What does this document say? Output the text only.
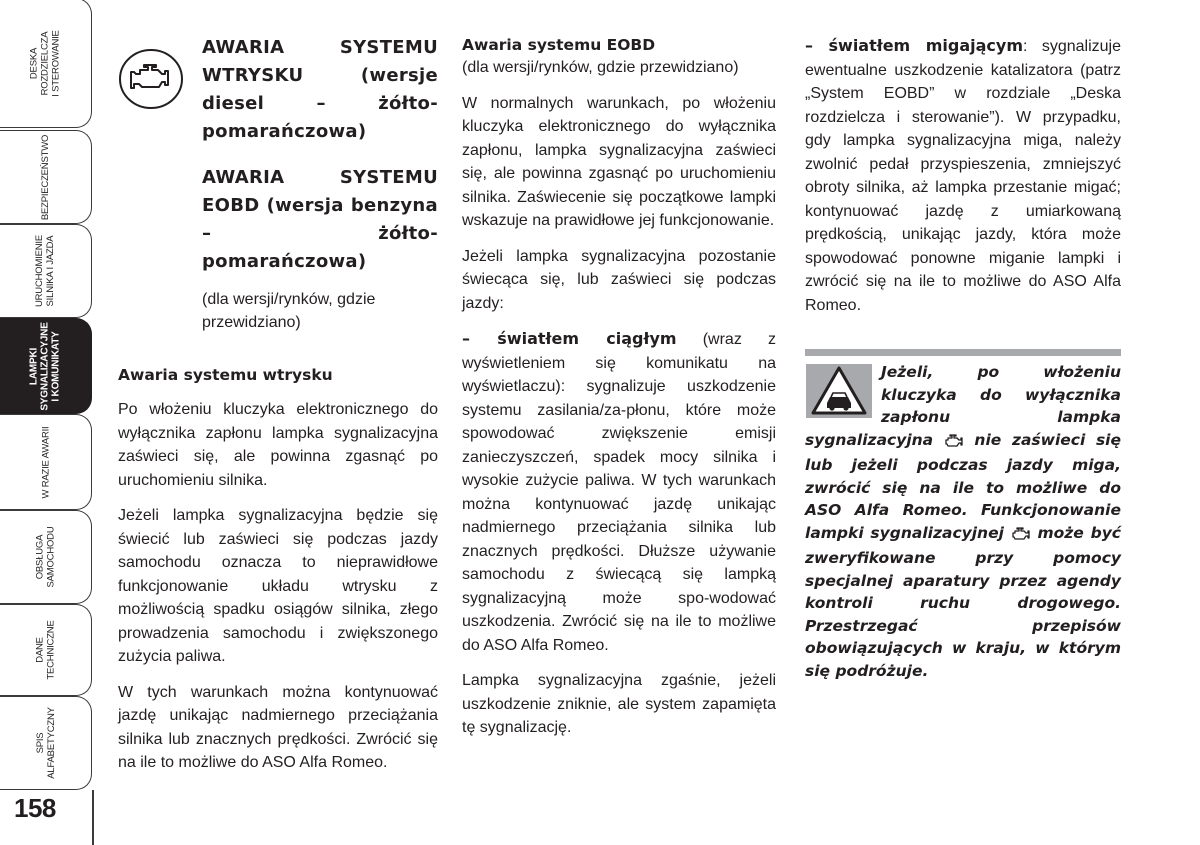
DESKA
ROZDZIELCZA
I STEROWANIE
BEZPIECZEŃSTWO
URUCHOMIENIE
SILNIKA I JAZDA
LAMPKI
SYGNALIZACYJNE
I KOMUNIKATY
W RAZIE AWARII
OBSŁUGA
SAMOCHODU
DANE
TECHNICZNE
SPIS
ALFABETYCZNY
158

AWARIA SYSTEMU WTRYSKU (wersje diesel – żółto-pomarańczowa)

AWARIA SYSTEMU EOBD (wersja benzyna – żółto-pomarańczowa)

(dla wersji/rynków, gdzie przewidziano)

Awaria systemu wtrysku

Po włożeniu kluczyka elektronicznego do wyłącznika zapłonu lampka sygnalizacyjna zaświeci się, ale powinna zgasnąć po uruchomieniu silnika.

Jeżeli lampka sygnalizacyjna będzie się świecić lub zaświeci się podczas jazdy samochodu oznacza to nieprawidłowe funkcjonowanie układu wtrysku z możliwością spadku osiągów silnika, złego prowadzenia samochodu i zwiększonego zużycia paliwa.

W tych warunkach można kontynuować jazdę unikając nadmiernego przeciążania silnika lub znacznych prędkości. Zwrócić się na ile to możliwe do ASO Alfa Romeo.

Awaria systemu EOBD

(dla wersji/rynków, gdzie przewidziano)

W normalnych warunkach, po włożeniu kluczyka elektronicznego do wyłącznika zapłonu, lampka sygnalizacyjna zaświeci się, ale powinna zgasnąć po uruchomieniu silnika. Zaświecenie się początkowe lampki wskazuje na prawidłowe jej funkcjonowanie.

Jeżeli lampka sygnalizacyjna pozostanie świecąca się, lub zaświeci się podczas jazdy:

– światłem ciągłym (wraz z wyświetleniem się komunikatu na wyświetlaczu): sygnalizuje uszkodzenie systemu zasilania/za-płonu, które może spowodować zwiększenie emisji zanieczyszczeń, spadek mocy silnika i wysokie zużycie paliwa. W tych warunkach można kontynuować jazdę unikając nadmiernego przeciążania silnika lub znacznych prędkości. Dłuższe używanie samochodu z świecącą się lampką sygnalizacyjną może spo-wodować uszkodzenia. Zwrócić się na ile to możliwe do ASO Alfa Romeo.

Lampka sygnalizacyjna zgaśnie, jeżeli uszkodzenie zniknie, ale system zapamięta tę sygnalizację.

– światłem migającym: sygnalizuje ewentualne uszkodzenie katalizatora (patrz „System EOBD” w rozdziale „Deska rozdzielcza i sterowanie”). W przypadku, gdy lampka sygnalizacyjna miga, należy zwolnić pedał przyspieszenia, zmniejszyć obroty silnika, aż lampka przestanie migać; kontynuować jazdę z umiarkowaną prędkością, unikając jazdy, która może spowodować ponowne miganie lampki i zwrócić się na ile to możliwe do ASO Alfa Romeo.

Jeżeli, po włożeniu kluczyka do wyłącznika zapłonu lampka sygnalizacyjna  nie zaświeci się lub jeżeli podczas jazdy miga, zwrócić się na ile to możliwe do ASO Alfa Romeo. Funkcjonowanie lampki sygnalizacyjnej  może być zweryfikowane przy pomocy specjalnej aparatury przez agendy kontroli ruchu drogowego. Przestrzegać przepisów obowiązujących w kraju, w którym się podróżuje.
